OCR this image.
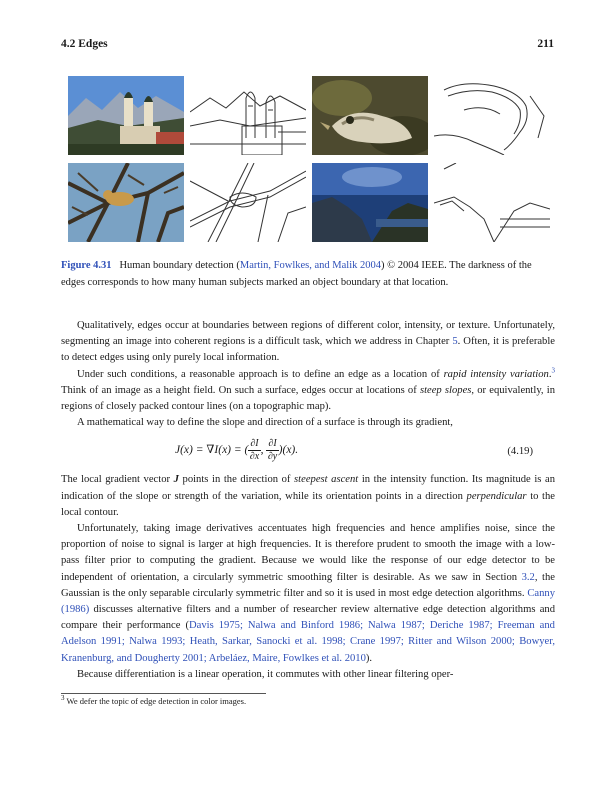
4.2 Edges	211
Figure 4.31 Human boundary detection (Martin, Fowlkes, and Malik 2004) © 2004 IEEE. The darkness of the edges corresponds to how many human subjects marked an object boundary at that location.

Qualitatively, edges occur at boundaries between regions of different color, intensity, or texture. Unfortunately, segmenting an image into coherent regions is a difficult task, which we address in Chapter 5. Often, it is preferable to detect edges using only purely local information.

Under such conditions, a reasonable approach is to define an edge as a location of rapid intensity variation.$^3$ Think of an image as a height field. On such a surface, edges occur at locations of steep slopes, or equivalently, in regions of closely packed contour lines (on a topographic map).

A mathematical way to define the slope and direction of a surface is through its gradient,

J(x) = ∇I(x) = ( $\frac{\partial I}{\partial x}$ , $\frac{\partial I}{\partial y} )(x)$.	(4.19)

The local gradient vector J points in the direction of steepest ascent in the intensity function. Its magnitude is an indication of the slope or strength of the variation, while its orientation points in a direction perpendicular to the local contour.

Unfortunately, taking image derivatives accentuates high frequencies and hence amplifies noise, since the proportion of noise to signal is larger at high frequencies. It is therefore prudent to smooth the image with a low-pass filter prior to computing the gradient. Because we would like the response of our edge detector to be independent of orientation, a circularly symmetric smoothing filter is desirable. As we saw in Section 3.2, the Gaussian is the only separable circularly symmetric filter and so it is used in most edge detection algorithms. Canny (1986) discusses alternative filters and a number of researcher review alternative edge detection algorithms and compare their performance (Davis 1975; Nalwa and Binford 1986; Nalwa 1987; Deriche 1987; Freeman and Adelson 1991; Nalwa 1993; Heath, Sarkar, Sanocki et al. 1998; Crane 1997; Ritter and Wilson 2000; Bowyer, Kranenburg, and Dougherty 2001; Arbeláez, Maire, Fowlkes et al. 2010).

Because differentiation is a linear operation, it commutes with other linear filtering oper-

$^3$ We defer the topic of edge detection in color images.
